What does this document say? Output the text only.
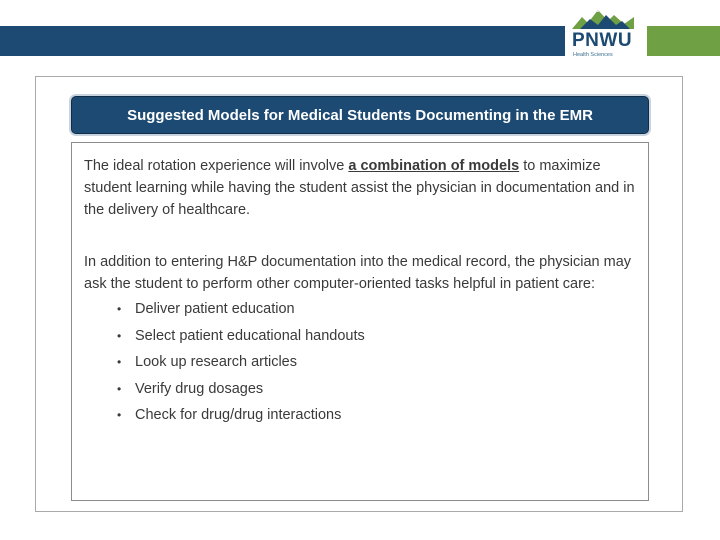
PNWU
Health Sciences
Suggested Models for Medical Students Documenting in the EMR

The ideal rotation experience will involve a combination of models to maximize student learning while having the student assist the physician in documentation and in the delivery of healthcare.

In addition to entering H&P documentation into the medical record, the physician may ask the student to perform other computer-oriented tasks helpful in patient care:

• Deliver patient education
• Select patient educational handouts
• Look up research articles
• Verify drug dosages
• Check for drug/drug interactions
